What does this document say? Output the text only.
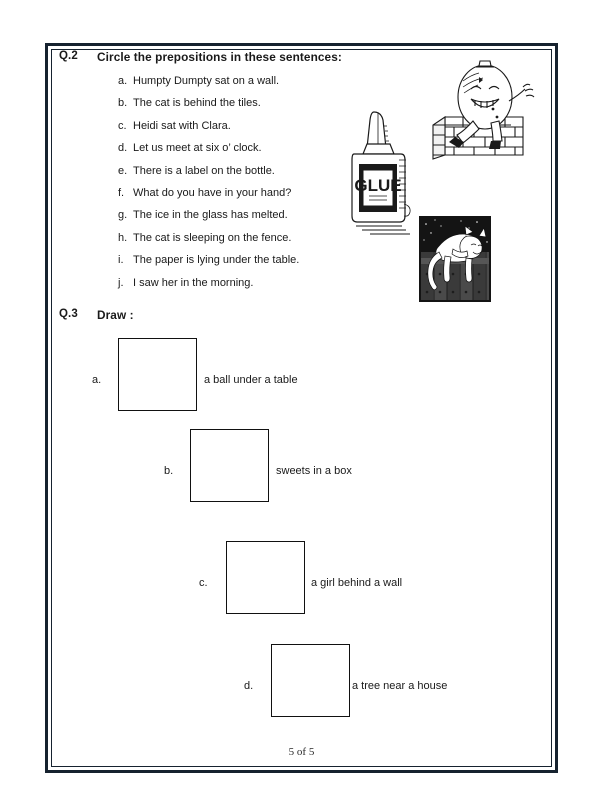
Q.2 Circle the prepositions in these sentences:
a. Humpty Dumpty sat on a wall.
b. The cat is behind the tiles.
c. Heidi sat with Clara.
d. Let us meet at six o’ clock.
e. There is a label on the bottle.
f. What do you have in your hand?
g. The ice in the glass has melted.
h. The cat is sleeping on the fence.
i. The paper is lying under the table.
j. I saw her in the morning.
GLUE
Q.3 Draw :
a.	a ball under a table
b.	sweets in a box
c.	a girl behind a wall
d.	a tree near a house
5 of 5
